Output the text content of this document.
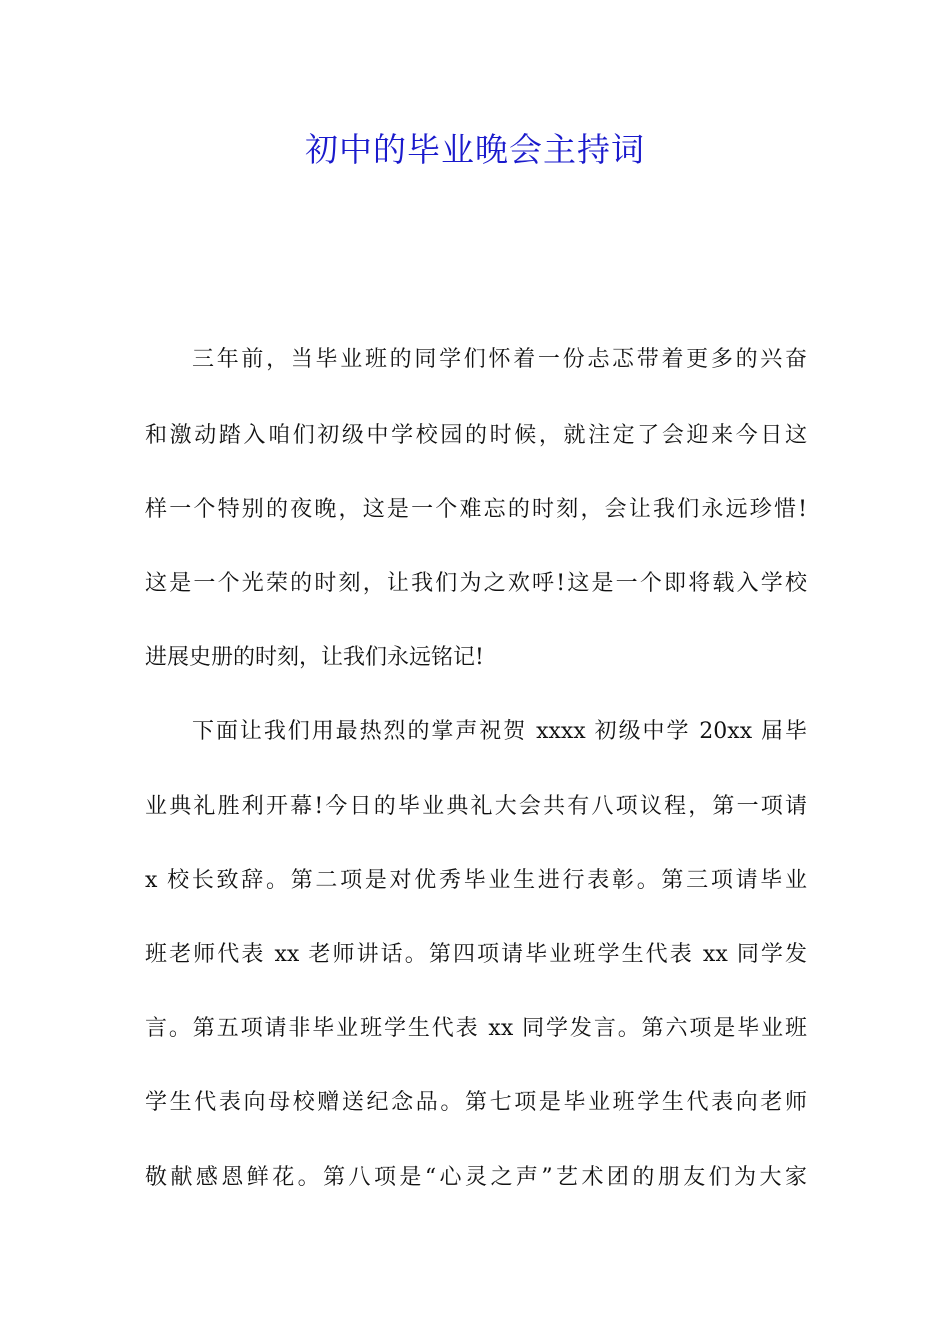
初中的毕业晚会主持词
三年前，当毕业班的同学们怀着一份忐忑带着更多的兴奋
和激动踏入咱们初级中学校园的时候，就注定了会迎来今日这
样一个特别的夜晚，这是一个难忘的时刻，会让我们永远珍惜!
这是一个光荣的时刻，让我们为之欢呼!这是一个即将载入学校
进展史册的时刻，让我们永远铭记!
下面让我们用最热烈的掌声祝贺 xxxx 初级中学 20xx 届毕
业典礼胜利开幕!今日的毕业典礼大会共有八项议程，第一项请
x 校长致辞。第二项是对优秀毕业生进行表彰。第三项请毕业
班老师代表 xx 老师讲话。第四项请毕业班学生代表 xx 同学发
言。第五项请非毕业班学生代表 xx 同学发言。第六项是毕业班
学生代表向母校赠送纪念品。第七项是毕业班学生代表向老师
敬献感恩鲜花。第八项是“心灵之声”艺术团的朋友们为大家
